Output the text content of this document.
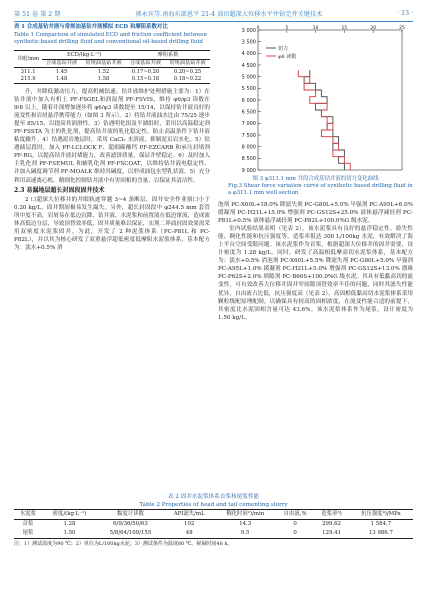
第 51 卷 第 2 期	郭永宾等.南海东部恩平 21-4 油田超深大位移水平井钻完井关键技术	· 13 ·
表 1 合成基钻井液与常规油基钻井液模拟 ECD 和摩阻系数对比
Table 1 Comparison of simulated ECD and friction coefficient between synthetic-based drilling fluid and conventional oil-based drilling fluid
井眼/mm	ECD/(kg·L⁻¹)		摩阻系数	
	合成基钻井液	常规油基钻井液	合成基钻井液	常规油基钻井液
311.1	1.45	1.52	0.17~0.20	0.20~0.25
215.9	1.48	1.58	0.15~0.18	0.18~0.22

升，并降低激动压力，提高机械钻速。钻井液维护处理措施主要为：1）在钻井液中加入有机土 PF-FSGEL和润湿剂 PF-FSVIS，维持 φ6/φ3 读数在 9/8 以上，随着井深增加逐步将 φ6/φ3 读数提至 15/14，以保持钻井液良好的流变性和岩屑悬浮携带能力（如图 3 所示）。2）将钻井液油水比由 75/25 逐步提至 85/15，以提高其润滑性。3）钻遇明化组及平湖组时，采用以高温稳定剂 PF-FSSTA 为主的乳化剂，提高钻井液的乳化稳定性，防止高温条件下钻井液粘度骤升。4）钻遇泥岩地层时，采用 CaCl₂ 水溶液，抑制泥页岩水化。5）钻遇储层段时，加入 PF-LCLOCK F、超细碳酸钙 PF-EZCARB 和承压封堵剂 PF-RG，以提高钻井液封堵能力，改善滤饼质量，保证井壁稳定。6）及时加入主乳化剂 PF-FSEMUL 和辅乳化剂 PF-FSCOAT，以维持钻井液电稳定性，并加入碱度调节剂 PF-MOALK 维持其碱度，以形成油包水型乳状液。5）充分利用高速离心机、精细化控制钻井液中有害固相的含量，以保证其清洁性。

2.3 易漏地层超长封固段固井技术

2 口超深大位移井的井眼轨迹穿越 3~4 条断层，固井安全作业窗口小于 0.20 kg/L，固井期间极易发生漏失。另外，超长封固段中 φ244.5 mm 套管所中度不高，岩屑易在低边沉降，钻井液、水泥浆和前置液在低边窜流，造成流体高低边分层，导致顶替效率低，固井质量难以保证，实现二界面封固效果需采用双密度水泥浆固井。为此，开发了 2 种泥浆体系（PC-P81L 和 PC-P82L），并以其为核心研发了双重悬浮超低密度低摩阻水泥浆体系，基本配方为：淡水+0.5% 消

3 000
3 500
4 000
4 500
5 000
5 500
6 000
6 500
7 000
7 500
8 000
8 500
9 000
0	5	10	15	20	25
切力
φ6 读数
图 3 φ311.1 mm 井段合成基钻井液的切力变化曲线
Fig.3 Shear force variation curve of synthetic based drilling fluid in a φ311.1 mm well section

泡剂 PC-X60L+18.0% 降滤失剂 PC-G80L+5.0% 早强剂 PC-A95L+6.0% 缓凝剂 PC-H21L+15.0% 增强剂 PC-GS12S+25.0% 液体悬浮减轻剂 PC-P81L+0.5% 液体悬浮减轻剂 PC-P82L+100.0%G 级水泥。

室内试验结果表明（见表 2），该水泥浆具有良好的悬浮稳定性、游失性能、稠化性能和抗压强度等，造浆率很达 300 L/100kg 水泥，有效解决了海上平台空间受限问题。该水泥浆作为首浆，根据超深大位移井的固井需要，设计密度为 1.28 kg/L。同时，研发了高温相低摩高切水泥浆体系，基本配方为：淡水+0.5% 消泡剂 PC-X60L+5.5% 降滤失剂 PC-G80L+5.0% 早强剂 PC-A95L+1.0% 缓凝剂 PC-H21L+5.0% 增强剂 PC-GS12S+13.0% 漂珠 PC-P62S+2.0% 填隙剂 PC-B66S+100.0%G 级水泥。其具有低黏高切的流变性，可有效改善大位移井固井窄间隙顶替效率不佳的问题，同时其滤失性能优异，自由液占比低，抗压强度高（见表 2）。高固相低黏高切水泥浆体系采用颗粒级配原理配制，以确保具有较高的固相浓度，在流变性能合适的前提下，其密度比水泥固相含量可达 43.6%。该水泥浆体系作为尾浆，设计密度为 1.50 kg/L。

表 2 固井水泥浆体系首浆和尾浆性能
Table 2 Properties of head and tail cementing slurry
水泥浆	密度/(kg·L⁻¹)	黏度计读数	API滤失/mL	稠化时间²)/min	自由液,%	造浆率³)	抗压强度⁴)/MPa
首浆	1.28	6/9/36/50/63	102	14.3	0	299.62	1 584.7
尾浆	1.50	5/8/64/109/155	48	9.5	0	129.41	13 986.7
注：1）测试温度为90 ℃；2）单位为L/100kg水泥；3）测试条件为温度80 ℃、候凝时间48 h。
